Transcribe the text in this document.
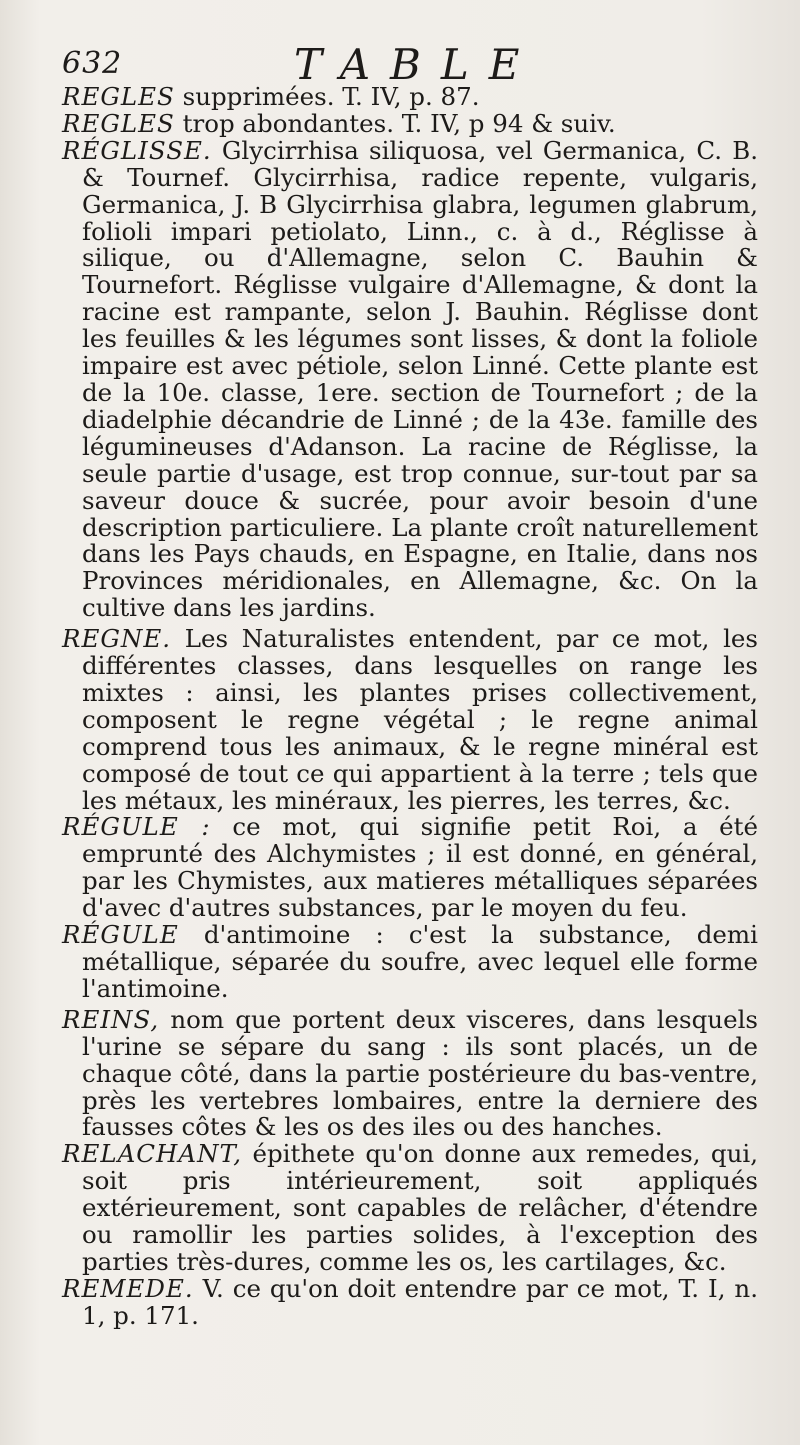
632	TABLE

REGLES supprimées. T. IV, p. 87.

REGLES trop abondantes. T. IV, p 94 & suiv.

RÉGLISSE. Glycirrhisa siliquosa, vel Germanica, C. B. & Tournef. Glycirrhisa, radice repente, vulgaris, Germanica, J. B Glycirrhisa glabra, legumen glabrum, folioli impari petiolato, Linn., c. à d., Réglisse à silique, ou d'Allemagne, selon C. Bauhin & Tournefort. Réglisse vulgaire d'Allemagne, & dont la racine est rampante, selon J. Bauhin. Réglisse dont les feuilles & les légumes sont lisses, & dont la foliole impaire est avec pétiole, selon Linné. Cette plante est de la 10e. classe, 1ere. section de Tournefort ; de la diadelphie décandrie de Linné ; de la 43e. famille des légumineuses d'Adanson. La racine de Réglisse, la seule partie d'usage, est trop connue, sur-tout par sa saveur douce & sucrée, pour avoir besoin d'une description particuliere. La plante croît naturellement dans les Pays chauds, en Espagne, en Italie, dans nos Provinces méridionales, en Allemagne, &c. On la cultive dans les jardins.

REGNE. Les Naturalistes entendent, par ce mot, les différentes classes, dans lesquelles on range les mixtes : ainsi, les plantes prises collectivement, composent le regne végétal ; le regne animal comprend tous les animaux, & le regne minéral est composé de tout ce qui appartient à la terre ; tels que les métaux, les minéraux, les pierres, les terres, &c.

RÉGULE : ce mot, qui signifie petit Roi, a été emprunté des Alchymistes ; il est donné, en général, par les Chymistes, aux matieres métalliques séparées d'avec d'autres substances, par le moyen du feu.

RÉGULE d'antimoine : c'est la substance, demi métallique, séparée du soufre, avec lequel elle forme l'antimoine.

REINS, nom que portent deux visceres, dans lesquels l'urine se sépare du sang : ils sont placés, un de chaque côté, dans la partie postérieure du bas-ventre, près les vertebres lombaires, entre la derniere des fausses côtes & les os des iles ou des hanches.

RELACHANT, épithete qu'on donne aux remedes, qui, soit pris intérieurement, soit appliqués extérieurement, sont capables de relâcher, d'étendre ou ramollir les parties solides, à l'exception des parties très-dures, comme les os, les cartilages, &c.

REMEDE. V. ce qu'on doit entendre par ce mot, T. I, n. 1, p. 171.
